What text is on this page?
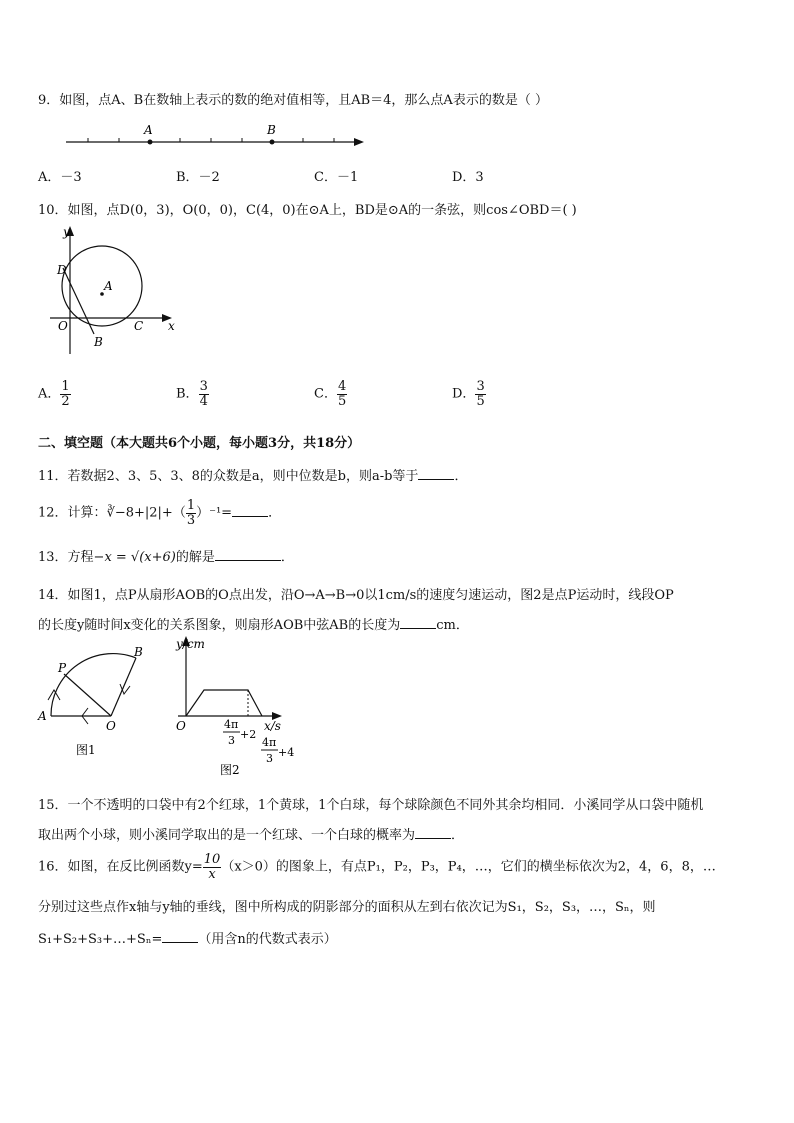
9．如图，点A、B在数轴上表示的数的绝对值相等，且AB＝4，那么点A表示的数是（ ）
A	B
A．－3	B．－2	C．－1	D．3
10．如图，点D(0，3)，O(0，0)，C(4，0)在⊙A上，BD是⊙A的一条弦，则cos∠OBD＝( )
y
x
D
A
O	C
B
A． $\frac{1}{2}$	B． $\frac{3}{4}$	C． $\frac{4}{5}$	D． $\frac{3}{5}$
二、填空题（本大题共6个小题，每小题3分，共18分）
11．若数据2、3、5、3、8的众数是a，则中位数是b，则a-b等于	．
12．计算：∛−8+|2|+（ $\frac{1}{3} )^{-1}=$	．
13．方程−x = √(x+6)的解是	．
14．如图1，点P从扇形AOB的O点出发，沿O→A→B→0以1cm/s的速度匀速运动，图2是点P运动时，线段OP
的长度y随时间x变化的关系图象，则扇形AOB中弦AB的长度为	cm．
P
B
A
O
图1
y/cm
x/s
O	4π
3 +2
4π
3 +4
图2
15．一个不透明的口袋中有2个红球，1个黄球，1个白球，每个球除颜色不同外其余均相同．小溪同学从口袋中随机
取出两个小球，则小溪同学取出的是一个红球、一个白球的概率为	．
16．如图，在反比例函数$y= \frac{10}{x} (x>0)$的图象上，有点P₁，P₂，P₃，P₄，…，它们的横坐标依次为2，4，6，8，…
分别过这些点作x轴与y轴的垂线，图中所构成的阴影部分的面积从左到右依次记为S₁，S₂，S₃，…，Sₙ，则
S₁+S₂+S₃+…+Sₙ=	（用含n的代数式表示）
